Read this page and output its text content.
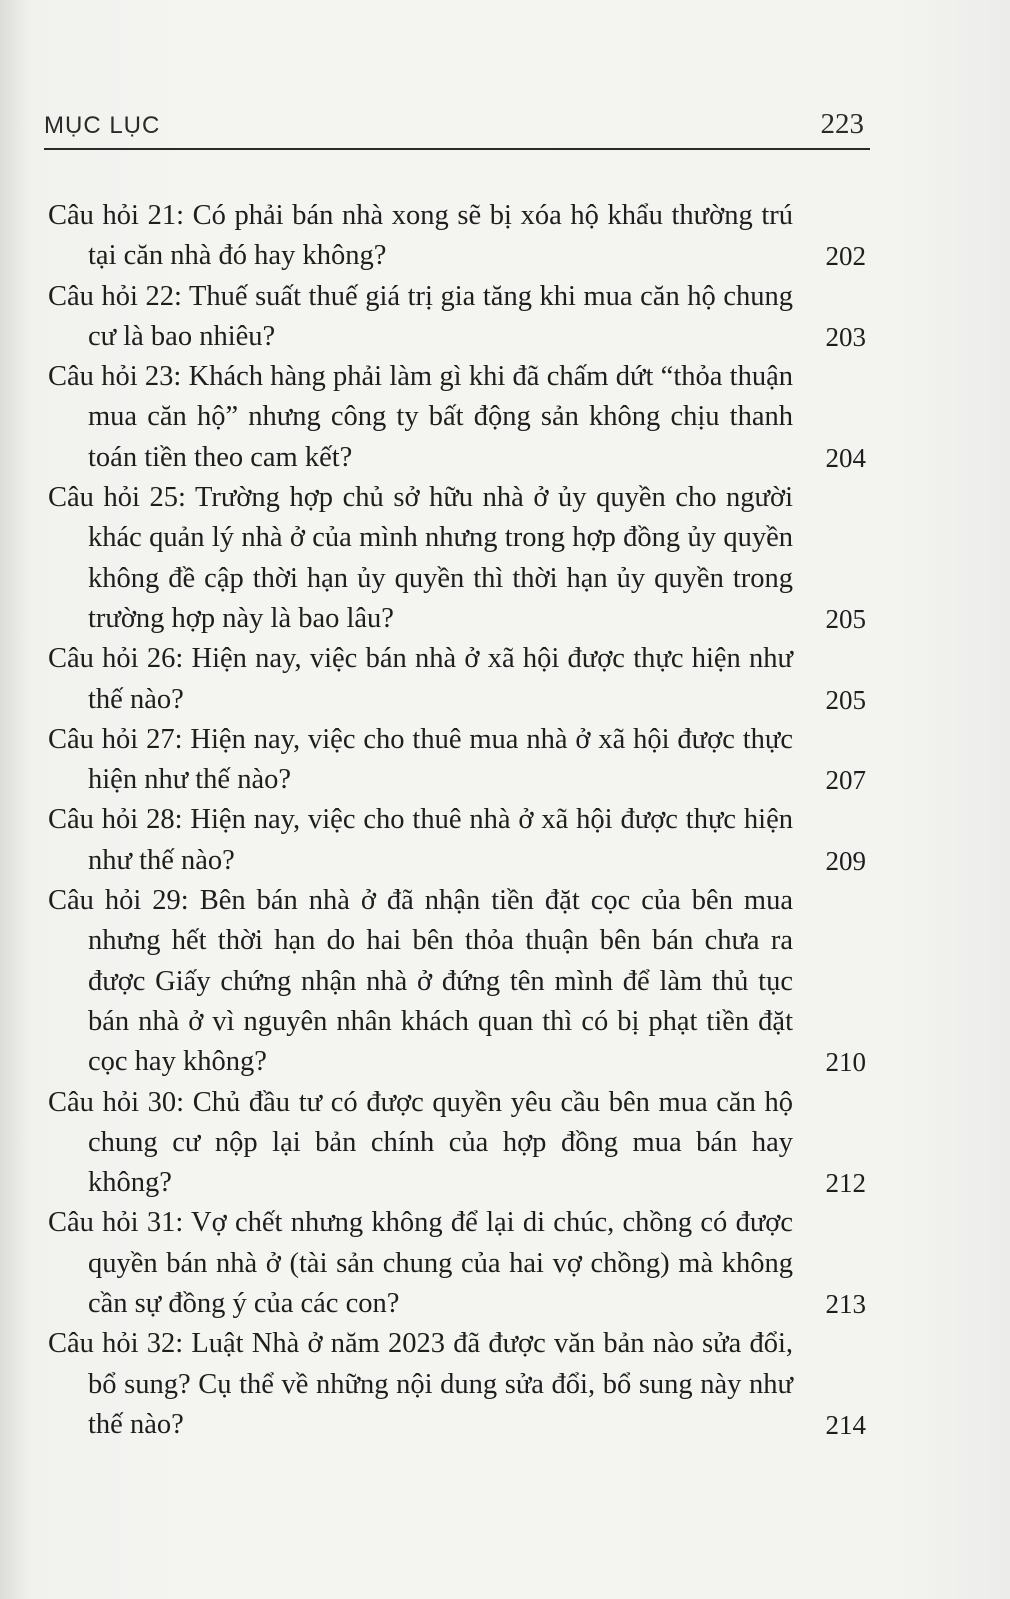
MỤC LỤC	223
Câu hỏi 21: Có phải bán nhà xong sẽ bị xóa hộ khẩu thường trú tại căn nhà đó hay không?	202
Câu hỏi 22: Thuế suất thuế giá trị gia tăng khi mua căn hộ chung cư là bao nhiêu?	203
Câu hỏi 23: Khách hàng phải làm gì khi đã chấm dứt “thỏa thuận mua căn hộ” nhưng công ty bất động sản không chịu thanh toán tiền theo cam kết?	204
Câu hỏi 25: Trường hợp chủ sở hữu nhà ở ủy quyền cho người khác quản lý nhà ở của mình nhưng trong hợp đồng ủy quyền không đề cập thời hạn ủy quyền thì thời hạn ủy quyền trong trường hợp này là bao lâu?	205
Câu hỏi 26: Hiện nay, việc bán nhà ở xã hội được thực hiện như thế nào?	205
Câu hỏi 27: Hiện nay, việc cho thuê mua nhà ở xã hội được thực hiện như thế nào?	207
Câu hỏi 28: Hiện nay, việc cho thuê nhà ở xã hội được thực hiện như thế nào?	209
Câu hỏi 29: Bên bán nhà ở đã nhận tiền đặt cọc của bên mua nhưng hết thời hạn do hai bên thỏa thuận bên bán chưa ra được Giấy chứng nhận nhà ở đứng tên mình để làm thủ tục bán nhà ở vì nguyên nhân khách quan thì có bị phạt tiền đặt cọc hay không?	210
Câu hỏi 30: Chủ đầu tư có được quyền yêu cầu bên mua căn hộ chung cư nộp lại bản chính của hợp đồng mua bán hay không?	212
Câu hỏi 31: Vợ chết nhưng không để lại di chúc, chồng có được quyền bán nhà ở (tài sản chung của hai vợ chồng) mà không cần sự đồng ý của các con?	213
Câu hỏi 32: Luật Nhà ở năm 2023 đã được văn bản nào sửa đổi, bổ sung? Cụ thể về những nội dung sửa đổi, bổ sung này như thế nào?	214
